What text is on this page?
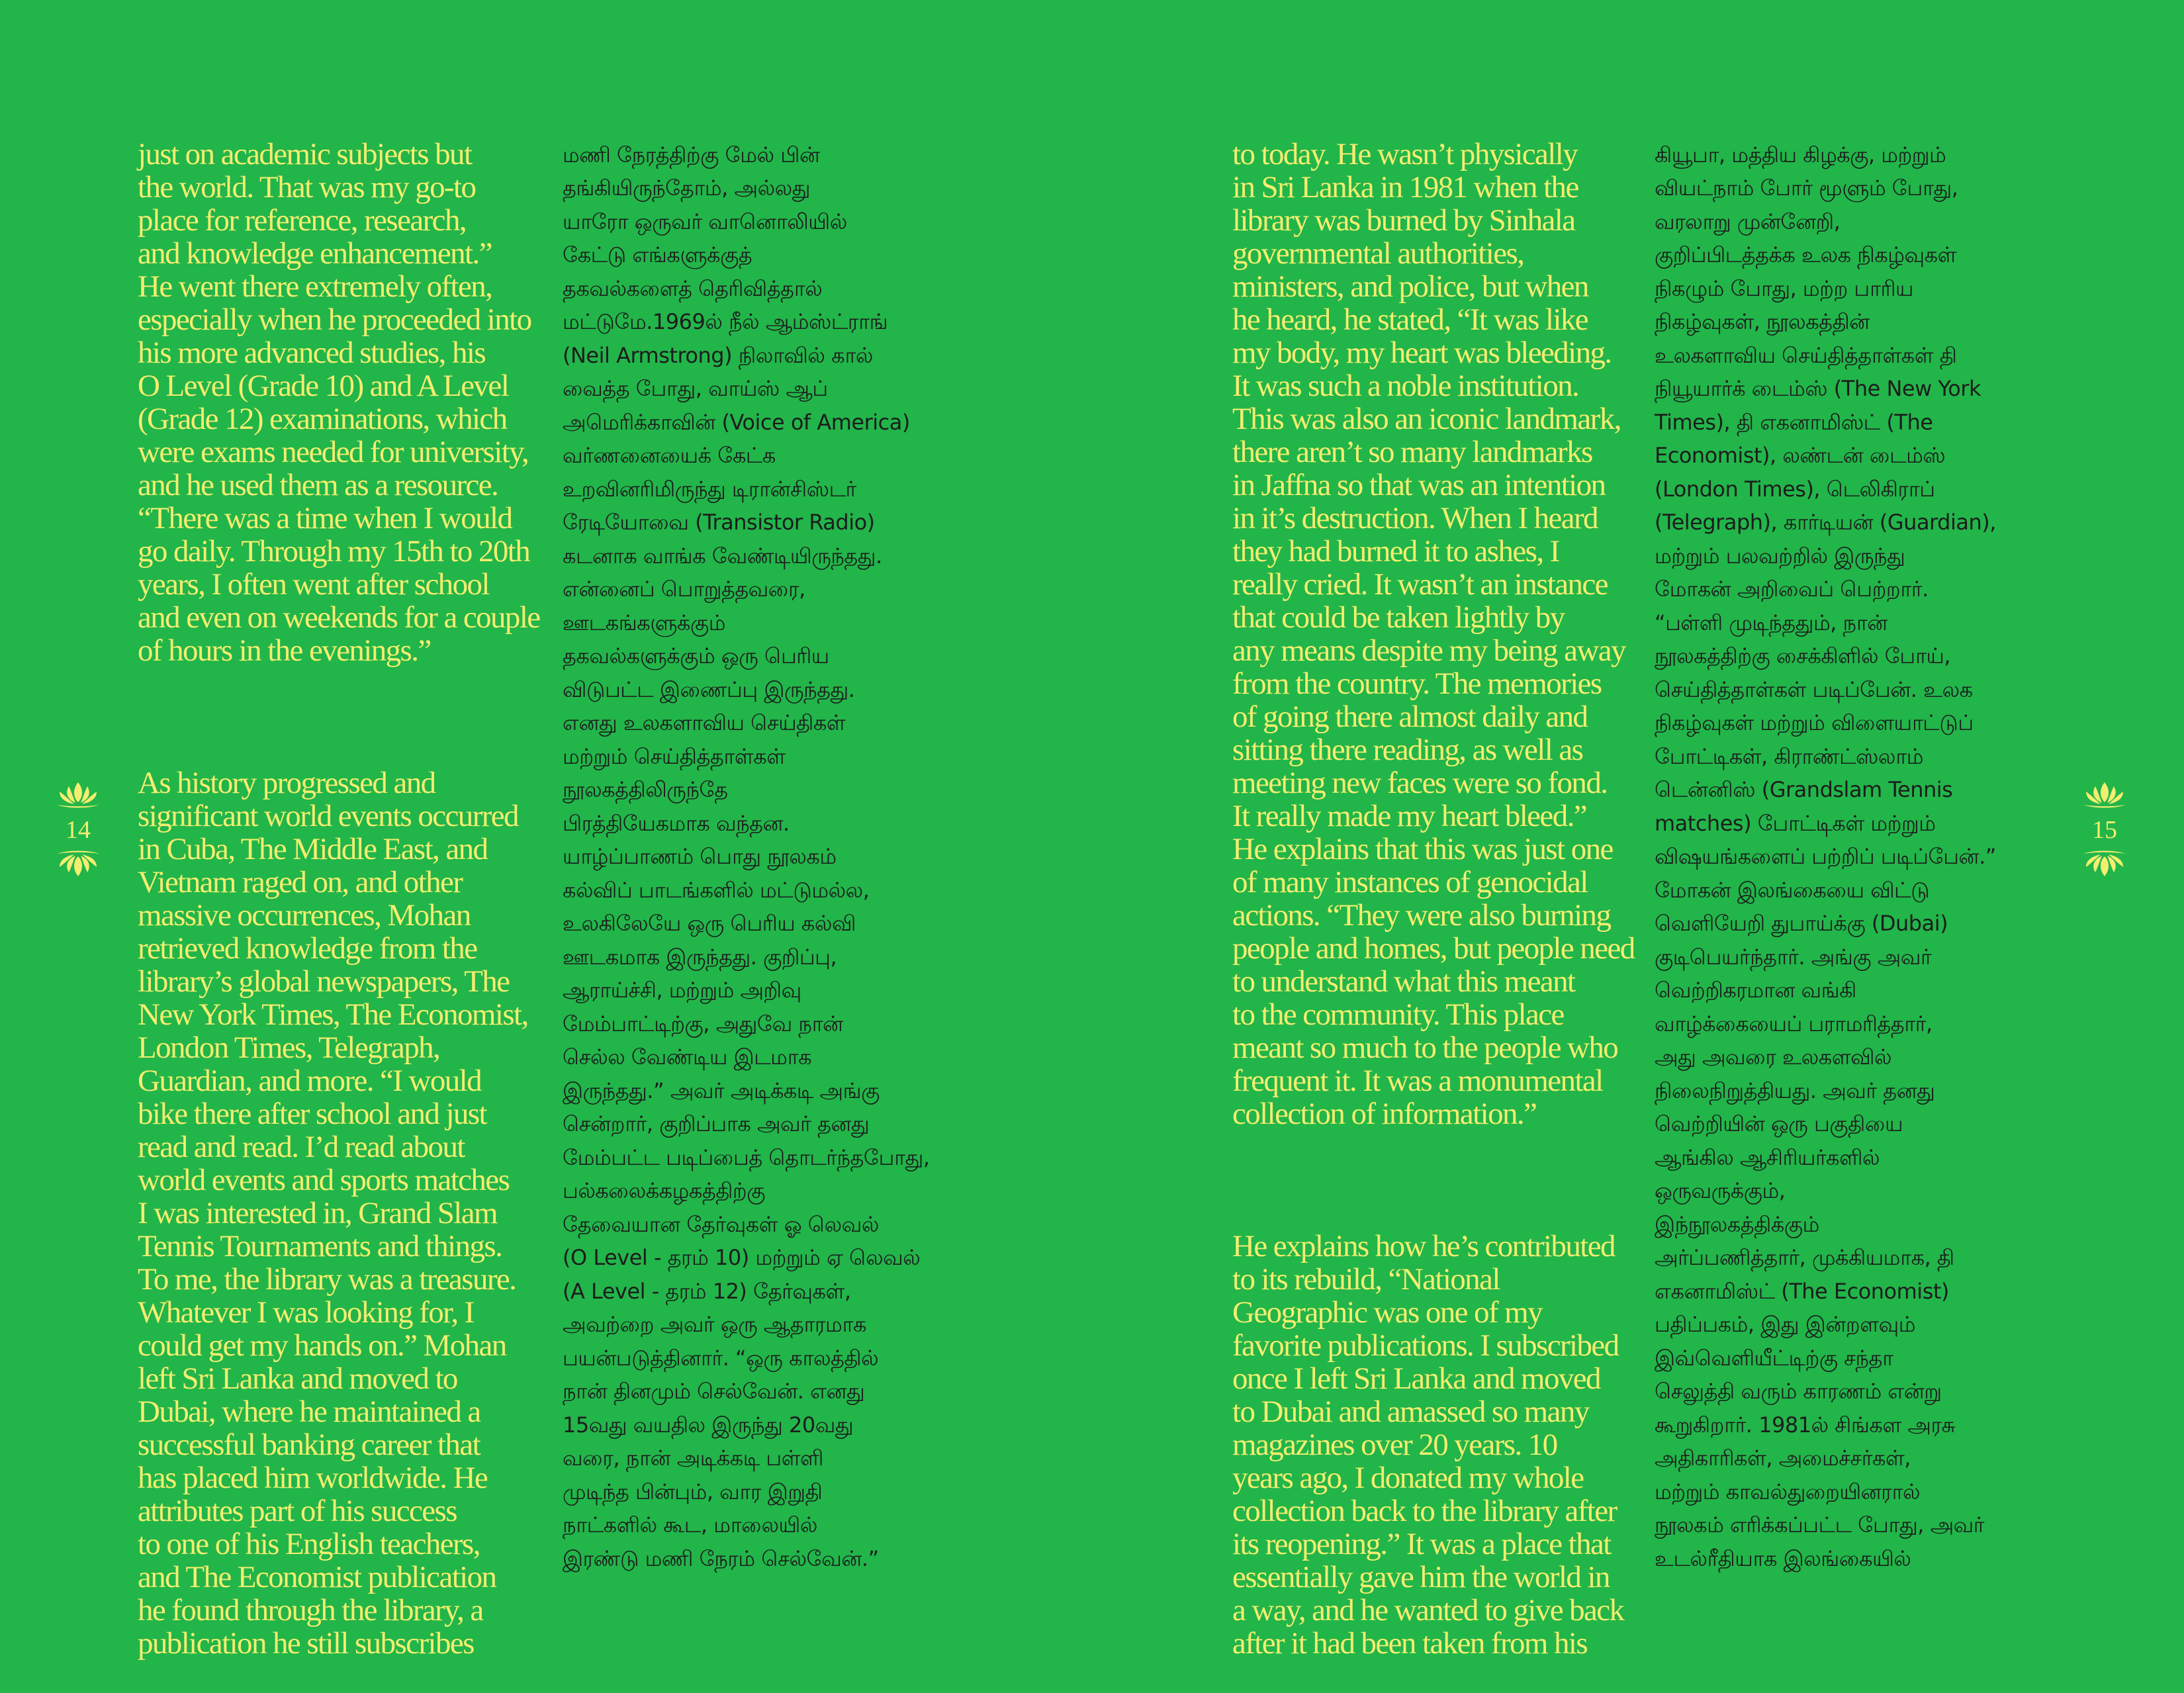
14	15

just on academic subjects but
the world. That was my go-to
place for reference, research,
and knowledge enhancement.”
He went there extremely often,
especially when he proceeded into
his more advanced studies, his
O Level (Grade 10) and A Level
(Grade 12) examinations, which
were exams needed for university,
and he used them as a resource.
“There was a time when I would
go daily. Through my 15th to 20th
years, I often went after school
and even on weekends for a couple
of hours in the evenings.”

As history progressed and
significant world events occurred
in Cuba, The Middle East, and
Vietnam raged on, and other
massive occurrences, Mohan
retrieved knowledge from the
library’s global newspapers, The
New York Times, The Economist,
London Times, Telegraph,
Guardian, and more. “I would
bike there after school and just
read and read. I’d read about
world events and sports matches
I was interested in, Grand Slam
Tennis Tournaments and things.
To me, the library was a treasure.
Whatever I was looking for, I
could get my hands on.” Mohan
left Sri Lanka and moved to
Dubai, where he maintained a
successful banking career that
has placed him worldwide. He
attributes part of his success
to one of his English teachers,
and The Economist publication
he found through the library, a
publication he still subscribes

மணி நேரத்திற்கு மேல் பின்
தங்கியிருந்தோம், அல்லது
யாரோ ஒருவர் வானொலியில்
கேட்டு எங்களுக்குத்
தகவல்களைத் தெரிவித்தால்
மட்டுமே.1969ல் நீல் ஆம்ஸ்ட்ராங்
(Neil Armstrong) நிலாவில் கால்
வைத்த போது, வாய்ஸ் ஆப்
அமெரிக்காவின் (Voice of America)
வர்ணனையைக் கேட்க
உறவினரிமிருந்து டிரான்சிஸ்டர்
ரேடியோவை (Transistor Radio)
கடனாக வாங்க வேண்டியிருந்தது.
என்னைப் பொறுத்தவரை,
ஊடகங்களுக்கும்
தகவல்களுக்கும் ஒரு பெரிய
விடுபட்ட இணைப்பு இருந்தது.
எனது உலகளாவிய செய்திகள்
மற்றும் செய்தித்தாள்கள்
நூலகத்திலிருந்தே
பிரத்தியேகமாக வந்தன.
யாழ்ப்பாணம் பொது நூலகம்
கல்விப் பாடங்களில் மட்டுமல்ல,
உலகிலேயே ஒரு பெரிய கல்வி
ஊடகமாக இருந்தது. குறிப்பு,
ஆராய்ச்சி, மற்றும் அறிவு
மேம்பாட்டிற்கு, அதுவே நான்
செல்ல வேண்டிய இடமாக
இருந்தது.” அவர் அடிக்கடி அங்கு
சென்றார், குறிப்பாக அவர் தனது
மேம்பட்ட படிப்பைத் தொடர்ந்தபோது,
பல்கலைக்கழகத்திற்கு
தேவையான தேர்வுகள் ஓ லெவல்
(O Level - தரம் 10) மற்றும் ஏ லெவல்
(A Level - தரம் 12) தேர்வுகள்,
அவற்றை அவர் ஒரு ஆதாரமாக
பயன்படுத்தினார். “ஒரு காலத்தில்
நான் தினமும் செல்வேன். எனது
15வது வயதில இருந்து 20வது
வரை, நான் அடிக்கடி பள்ளி
முடிந்த பின்பும், வார இறுதி
நாட்களில் கூட, மாலையில்
இரண்டு மணி நேரம் செல்வேன்.”

to today. He wasn’t physically
in Sri Lanka in 1981 when the
library was burned by Sinhala
governmental authorities,
ministers, and police, but when
he heard, he stated, “It was like
my body, my heart was bleeding.
It was such a noble institution.
This was also an iconic landmark,
there aren’t so many landmarks
in Jaffna so that was an intention
in it’s destruction. When I heard
they had burned it to ashes, I
really cried. It wasn’t an instance
that could be taken lightly by
any means despite my being away
from the country. The memories
of going there almost daily and
sitting there reading, as well as
meeting new faces were so fond.
It really made my heart bleed.”
He explains that this was just one
of many instances of genocidal
actions. “They were also burning
people and homes, but people need
to understand what this meant
to the community. This place
meant so much to the people who
frequent it. It was a monumental
collection of information.”

He explains how he’s contributed
to its rebuild, “National
Geographic was one of my
favorite publications. I subscribed
once I left Sri Lanka and moved
to Dubai and amassed so many
magazines over 20 years. 10
years ago, I donated my whole
collection back to the library after
its reopening.” It was a place that
essentially gave him the world in
a way, and he wanted to give back
after it had been taken from his

கியூபா, மத்திய கிழக்கு, மற்றும்
வியட்நாம் போர் மூளும் போது,
வரலாறு முன்னேறி,
குறிப்பிடத்தக்க உலக நிகழ்வுகள்
நிகழும் போது, மற்ற பாரிய
நிகழ்வுகள், நூலகத்தின்
உலகளாவிய செய்தித்தாள்கள் தி
நியூயார்க் டைம்ஸ் (The New York
Times), தி எகனாமிஸ்ட் (The
Economist), லண்டன் டைம்ஸ்
(London Times), டெலிகிராப்
(Telegraph), கார்டியன் (Guardian),
மற்றும் பலவற்றில் இருந்து
மோகன் அறிவைப் பெற்றார்.
“பள்ளி முடிந்ததும், நான்
நூலகத்திற்கு சைக்கிளில் போய்,
செய்தித்தாள்கள் படிப்பேன். உலக
நிகழ்வுகள் மற்றும் விளையாட்டுப்
போட்டிகள், கிராண்ட்ஸ்லாம்
டென்னிஸ் (Grandslam Tennis
matches) போட்டிகள் மற்றும்
விஷயங்களைப் பற்றிப் படிப்பேன்.”
மோகன் இலங்கையை விட்டு
வெளியேறி துபாய்க்கு (Dubai)
குடிபெயர்ந்தார். அங்கு அவர்
வெற்றிகரமான வங்கி
வாழ்க்கையைப் பராமரித்தார்,
அது அவரை உலகளவில்
நிலைநிறுத்தியது. அவர் தனது
வெற்றியின் ஒரு பகுதியை
ஆங்கில ஆசிரியர்களில்
ஒருவருக்கும்,
இந்நூலகத்திக்கும்
அர்ப்பணித்தார், முக்கியமாக, தி
எகனாமிஸ்ட் (The Economist)
பதிப்பகம், இது இன்றளவும்
இவ்வெளியீட்டிற்கு சந்தா
செலுத்தி வரும் காரணம் என்று
கூறுகிறார். 1981ல் சிங்கள அரசு
அதிகாரிகள், அமைச்சர்கள்,
மற்றும் காவல்துறையினரால்
நூலகம் எரிக்கப்பட்ட போது, அவர்
உடல்ரீதியாக இலங்கையில்
